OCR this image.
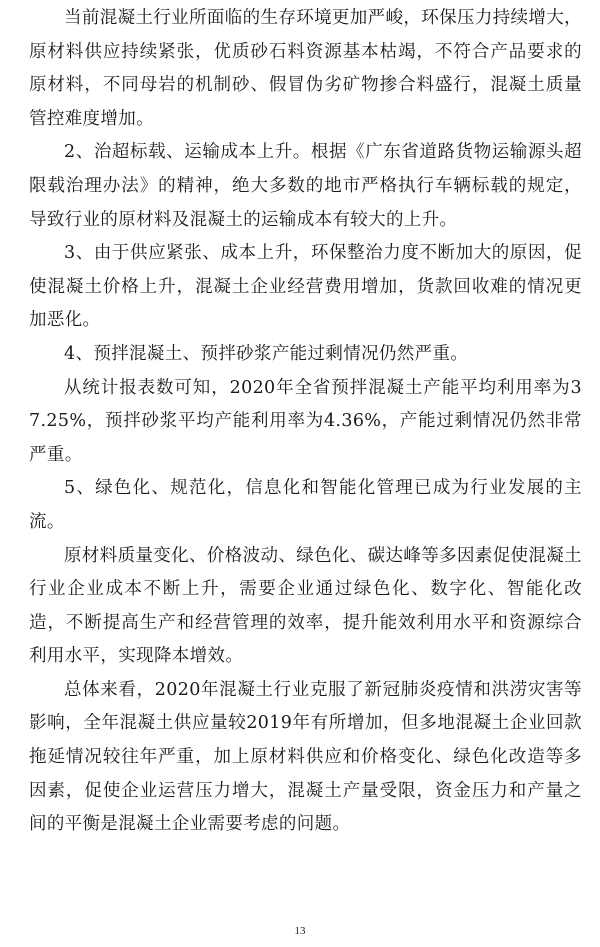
当前混凝土行业所面临的生存环境更加严峻，环保压力持续增大，原材料供应持续紧张，优质砂石料资源基本枯竭，不符合产品要求的原材料，不同母岩的机制砂、假冒伪劣矿物掺合料盛行，混凝土质量管控难度增加。

2、治超标载、运输成本上升。根据《广东省道路货物运输源头超限载治理办法》的精神，绝大多数的地市严格执行车辆标载的规定，导致行业的原材料及混凝土的运输成本有较大的上升。

3、由于供应紧张、成本上升，环保整治力度不断加大的原因，促使混凝土价格上升，混凝土企业经营费用增加，货款回收难的情况更加恶化。

4、预拌混凝土、预拌砂浆产能过剩情况仍然严重。

从统计报表数可知，2020年全省预拌混凝土产能平均利用率为37.25%，预拌砂浆平均产能利用率为4.36%，产能过剩情况仍然非常严重。

5、绿色化、规范化，信息化和智能化管理已成为行业发展的主流。

原材料质量变化、价格波动、绿色化、碳达峰等多因素促使混凝土行业企业成本不断上升，需要企业通过绿色化、数字化、智能化改造，不断提高生产和经营管理的效率，提升能效利用水平和资源综合利用水平，实现降本增效。

总体来看，2020年混凝土行业克服了新冠肺炎疫情和洪涝灾害等影响，全年混凝土供应量较2019年有所增加，但多地混凝土企业回款拖延情况较往年严重，加上原材料供应和价格变化、绿色化改造等多因素，促使企业运营压力增大，混凝土产量受限，资金压力和产量之间的平衡是混凝土企业需要考虑的问题。

13
